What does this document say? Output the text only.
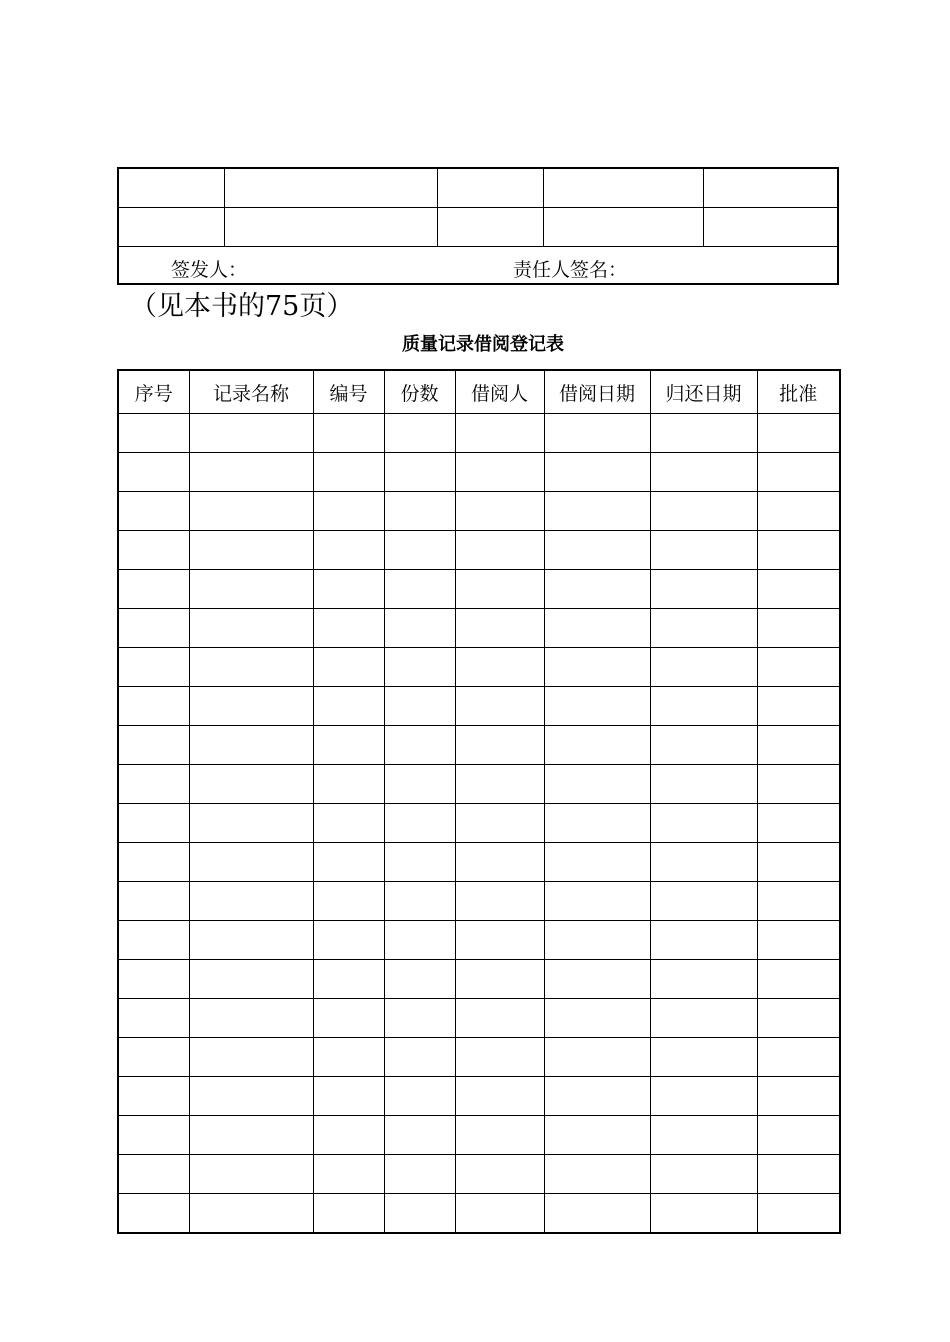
签发人： 责任人签名：				
（见本书的75页）
质量记录借阅登记表
序号	记录名称	编号	份数	借阅人	借阅日期	归还日期	批准
